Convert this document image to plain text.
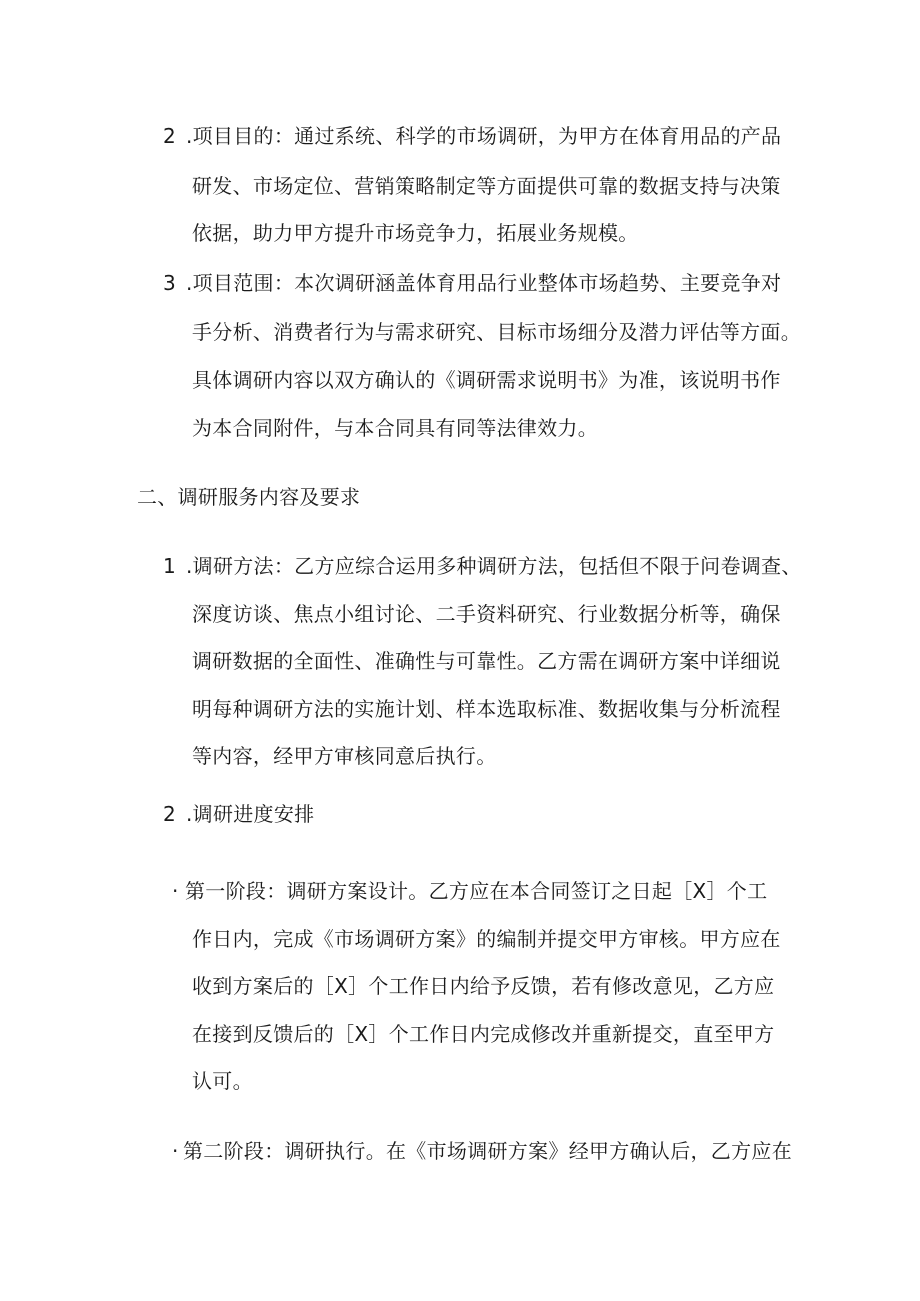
2 .项目目的：通过系统、科学的市场调研，为甲方在体育用品的产品
研发、市场定位、营销策略制定等方面提供可靠的数据支持与决策
依据，助力甲方提升市场竞争力，拓展业务规模。
3 .项目范围：本次调研涵盖体育用品行业整体市场趋势、主要竞争对
手分析、消费者行为与需求研究、目标市场细分及潜力评估等方面。
具体调研内容以双方确认的《调研需求说明书》为准，该说明书作
为本合同附件，与本合同具有同等法律效力。
二、调研服务内容及要求
1 .调研方法：乙方应综合运用多种调研方法，包括但不限于问卷调查、
深度访谈、焦点小组讨论、二手资料研究、行业数据分析等，确保
调研数据的全面性、准确性与可靠性。乙方需在调研方案中详细说
明每种调研方法的实施计划、样本选取标准、数据收集与分析流程
等内容，经甲方审核同意后执行。
2 .调研进度安排
· 第一阶段：调研方案设计。乙方应在本合同签订之日起［X］个工
作日内，完成《市场调研方案》的编制并提交甲方审核。甲方应在
收到方案后的［X］个工作日内给予反馈，若有修改意见，乙方应
在接到反馈后的［X］个工作日内完成修改并重新提交，直至甲方
认可。
· 第二阶段：调研执行。在《市场调研方案》经甲方确认后，乙方应在
